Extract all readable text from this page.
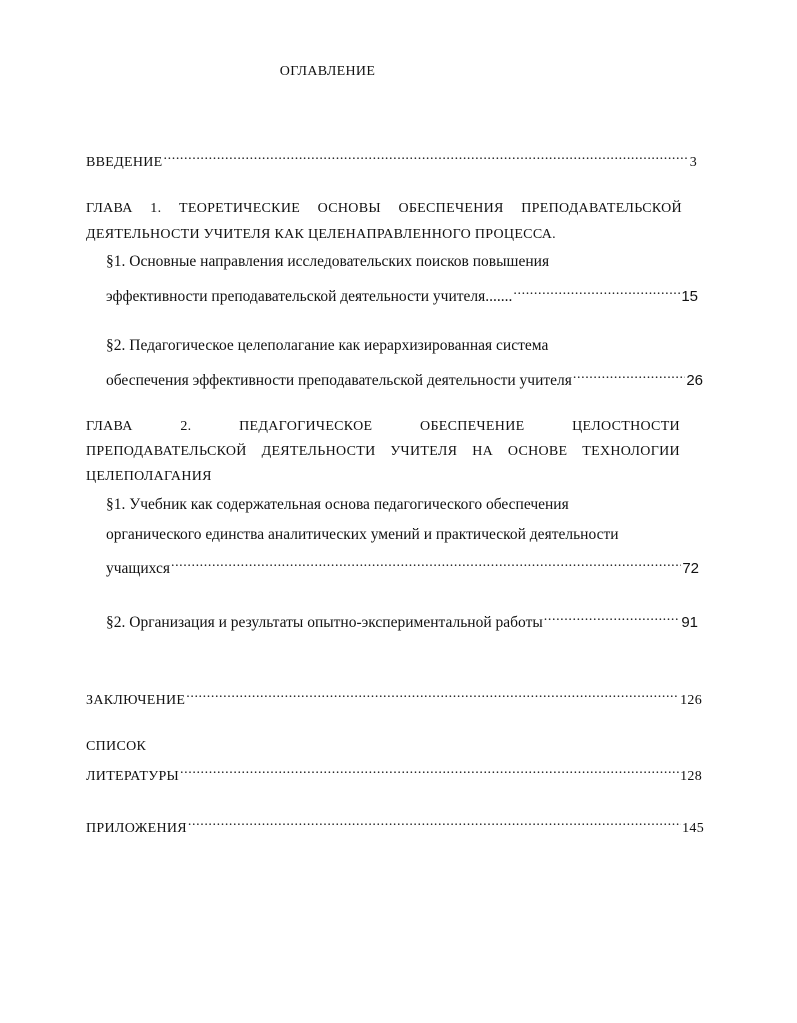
ОГЛАВЛЕНИЕ
ВВЕДЕНИЕ .....	3
ГЛАВА 1. ТЕОРЕТИЧЕСКИЕ ОСНОВЫ ОБЕСПЕЧЕНИЯ ПРЕПОДАВАТЕЛЬСКОЙ
ДЕЯТЕЛЬНОСТИ УЧИТЕЛЯ КАК ЦЕЛЕНАПРАВЛЕННОГО ПРОЦЕССА.
§1. Основные направления исследовательских поисков повышения
эффективности преподавательской деятельности учителя....... .....	15
§2. Педагогическое целеполагание как иерархизированная система
обеспечения эффективности преподавательской деятельности учителя .....	26
ГЛАВА	2.	ПЕДАГОГИЧЕСКОЕ	ОБЕСПЕЧЕНИЕ	ЦЕЛОСТНОСТИ
ПРЕПОДАВАТЕЛЬСКОЙ ДЕЯТЕЛЬНОСТИ УЧИТЕЛЯ НА ОСНОВЕ ТЕХНОЛОГИИ
ЦЕЛЕПОЛАГАНИЯ
§1. Учебник как содержательная основа педагогического обеспечения
органического единства аналитических умений и практической деятельности
учащихся .....	72
§2. Организация и результаты опытно-экспериментальной работы .....	91
ЗАКЛЮЧЕНИЕ .....	126
СПИСОК
ЛИТЕРАТУРЫ .....	128
ПРИЛОЖЕНИЯ .....	145
